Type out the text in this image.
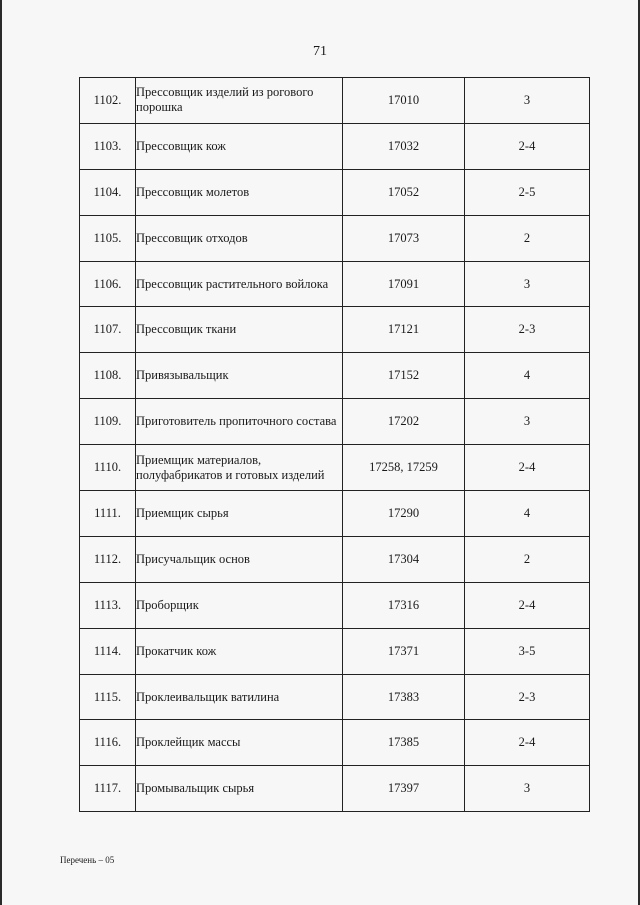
71
1102.	Прессовщик изделий из рогового порошка	17010	3
1103.	Прессовщик кож	17032	2-4
1104.	Прессовщик молетов	17052	2-5
1105.	Прессовщик отходов	17073	2
1106.	Прессовщик растительного войлока	17091	3
1107.	Прессовщик ткани	17121	2-3
1108.	Привязывальщик	17152	4
1109.	Приготовитель пропиточного состава	17202	3
1110.	Приемщик материалов, полуфабрикатов и готовых изделий	17258, 17259	2-4
1111.	Приемщик сырья	17290	4
1112.	Присучальщик основ	17304	2
1113.	Проборщик	17316	2-4
1114.	Прокатчик кож	17371	3-5
1115.	Проклеивальщик ватилина	17383	2-3
1116.	Проклейщик массы	17385	2-4
1117.	Промывальщик сырья	17397	3
Перечень – 05
